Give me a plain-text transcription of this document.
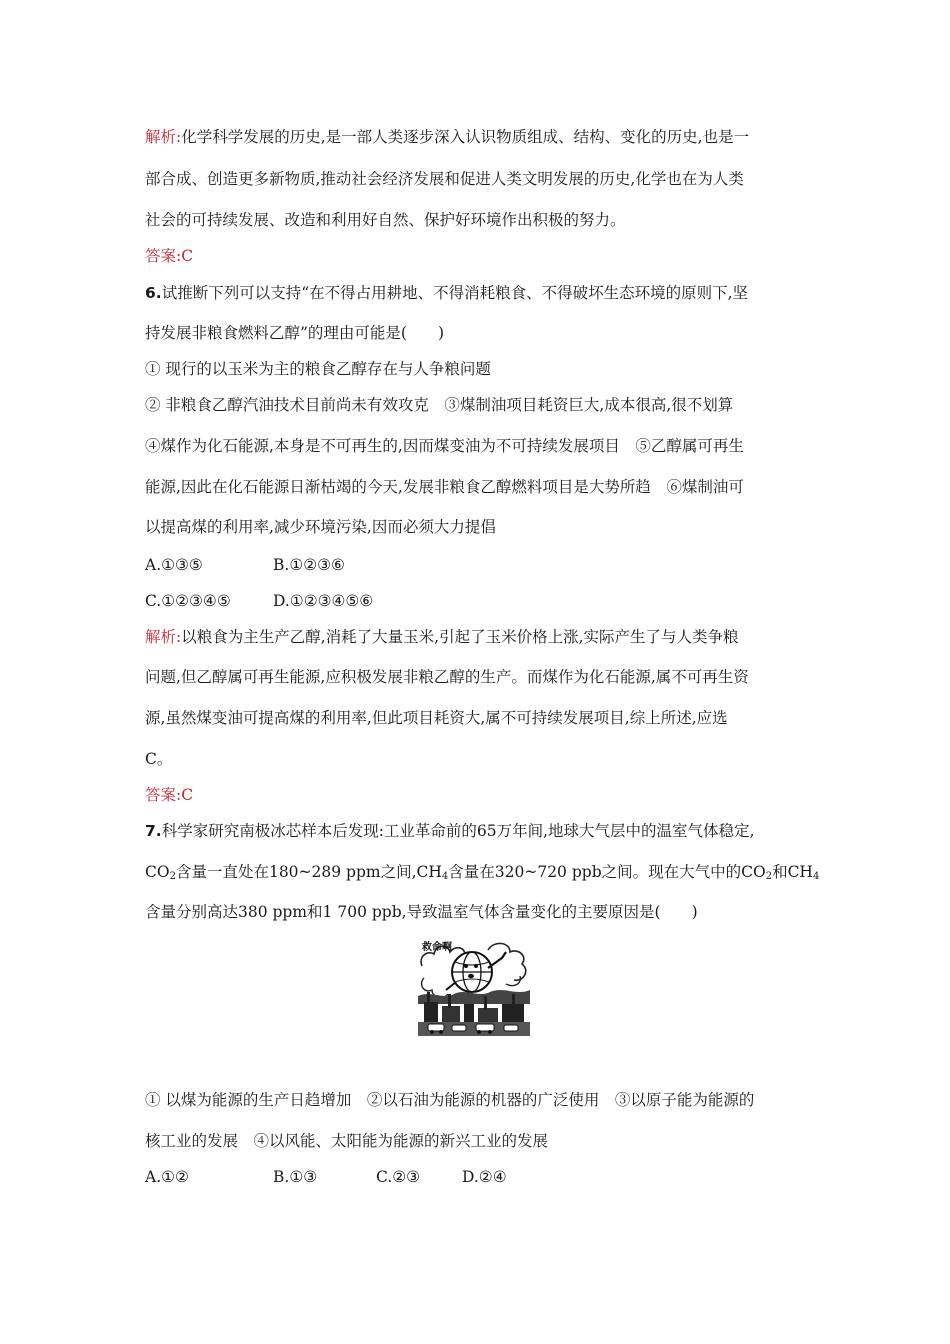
解析:化学科学发展的历史,是一部人类逐步深入认识物质组成、结构、变化的历史,也是一
部合成、创造更多新物质,推动社会经济发展和促进人类文明发展的历史,化学也在为人类
社会的可持续发展、改造和利用好自然、保护好环境作出积极的努力。
答案:C
6.试推断下列可以支持“在不得占用耕地、不得消耗粮食、不得破坏生态环境的原则下,坚
持发展非粮食燃料乙醇”的理由可能是(　　)
① 现行的以玉米为主的粮食乙醇存在与人争粮问题
② 非粮食乙醇汽油技术目前尚未有效攻克　③煤制油项目耗资巨大,成本很高,很不划算
④煤作为化石能源,本身是不可再生的,因而煤变油为不可持续发展项目　⑤乙醇属可再生
能源,因此在化石能源日渐枯竭的今天,发展非粮食乙醇燃料项目是大势所趋　⑥煤制油可
以提高煤的利用率,减少环境污染,因而必须大力提倡
A.①③⑤	B.①②③⑥
C.①②③④⑤	D.①②③④⑤⑥
解析:以粮食为主生产乙醇,消耗了大量玉米,引起了玉米价格上涨,实际产生了与人类争粮
问题,但乙醇属可再生能源,应积极发展非粮乙醇的生产。而煤作为化石能源,属不可再生资
源,虽然煤变油可提高煤的利用率,但此项目耗资大,属不可持续发展项目,综上所述,应选
C。
答案:C
7.科学家研究南极冰芯样本后发现:工业革命前的65万年间,地球大气层中的温室气体稳定,
$CO_2$含量一直处在180~289 ppm之间$,CH_4$含量在320~720 ppb之间。现在大气中的$CO_2$和$CH_4$
含量分别高达380 ppm和1 700 ppb,导致温室气体含量变化的主要原因是(　　)
救命啊
① 以煤为能源的生产日趋增加　②以石油为能源的机器的广泛使用　③以原子能为能源的
核工业的发展　④以风能、太阳能为能源的新兴工业的发展
A.①②	B.①③	C.②③	D.②④
